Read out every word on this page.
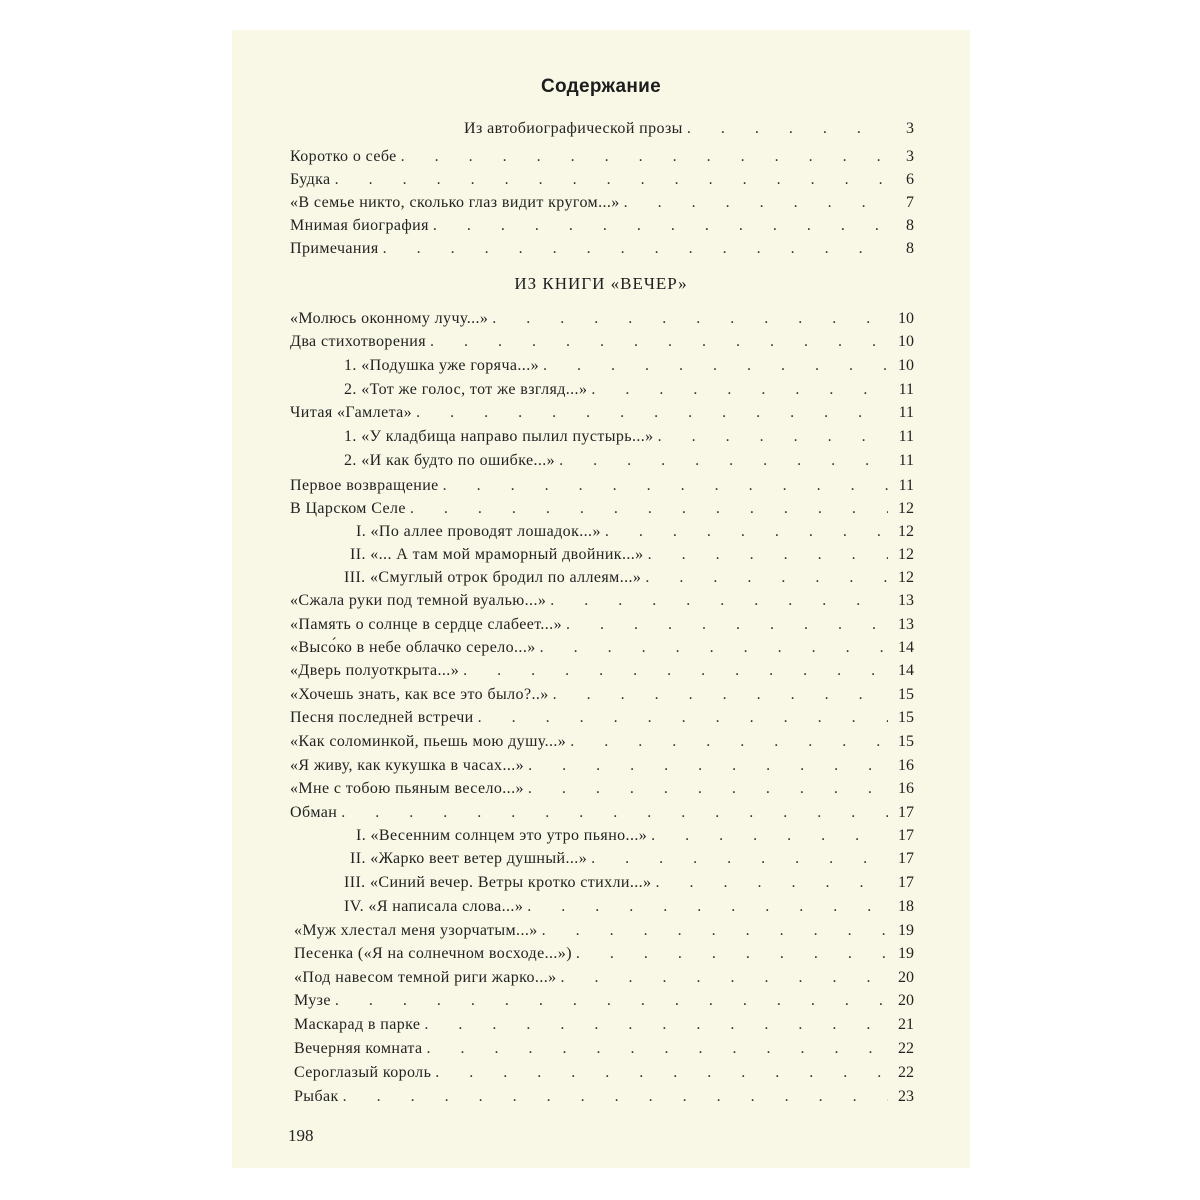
Содержание
Из автобиографической прозы . . .	3
Коротко о себе . . .	3
Будка . . .	6
«В семье никто, сколько глаз видит кругом...» . . .	7
Мнимая биография . . .	8
Примечания . . .	8
ИЗ КНИГИ «ВЕЧЕР»
«Молюсь оконному лучу...» . . .	10
Два стихотворения . . .	10
1. «Подушка уже горяча...» . . .	10
2. «Тот же голос, тот же взгляд...» . . .	11
Читая «Гамлета» . . .	11
1. «У кладбища направо пылил пустырь...» . . .	11
2. «И как будто по ошибке...» . . .	11
Первое возвращение . . .	11
В Царском Селе . . .	12
I. «По аллее проводят лошадок...» . . .	12
II. «... А там мой мраморный двойник...» . . .	12
III. «Смуглый отрок бродил по аллеям...» . . .	12
«Сжала руки под темной вуалью...» . . .	13
«Память о солнце в сердце слабеет...» . . .	13
«Высо́ко в небе облачко серело...» . . .	14
«Дверь полуоткрыта...» . . .	14
«Хочешь знать, как все это было?..» . . .	15
Песня последней встречи . . .	15
«Как соломинкой, пьешь мою душу...» . . .	15
«Я живу, как кукушка в часах...» . . .	16
«Мне с тобою пьяным весело...» . . .	16
Обман . . .	17
I. «Весенним солнцем это утро пьяно...» . . .	17
II. «Жарко веет ветер душный...» . . .	17
III. «Синий вечер. Ветры кротко стихли...» . . .	17
IV. «Я написала слова...» . . .	18
«Муж хлестал меня узорчатым...» . . .	19
Песенка («Я на солнечном восходе...») . . .	19
«Под навесом темной риги жарко...» . . .	20
Музе . . .	20
Маскарад в парке . . .	21
Вечерняя комната . . .	22
Сероглазый король . . .	22
Рыбак . . .	23
198
